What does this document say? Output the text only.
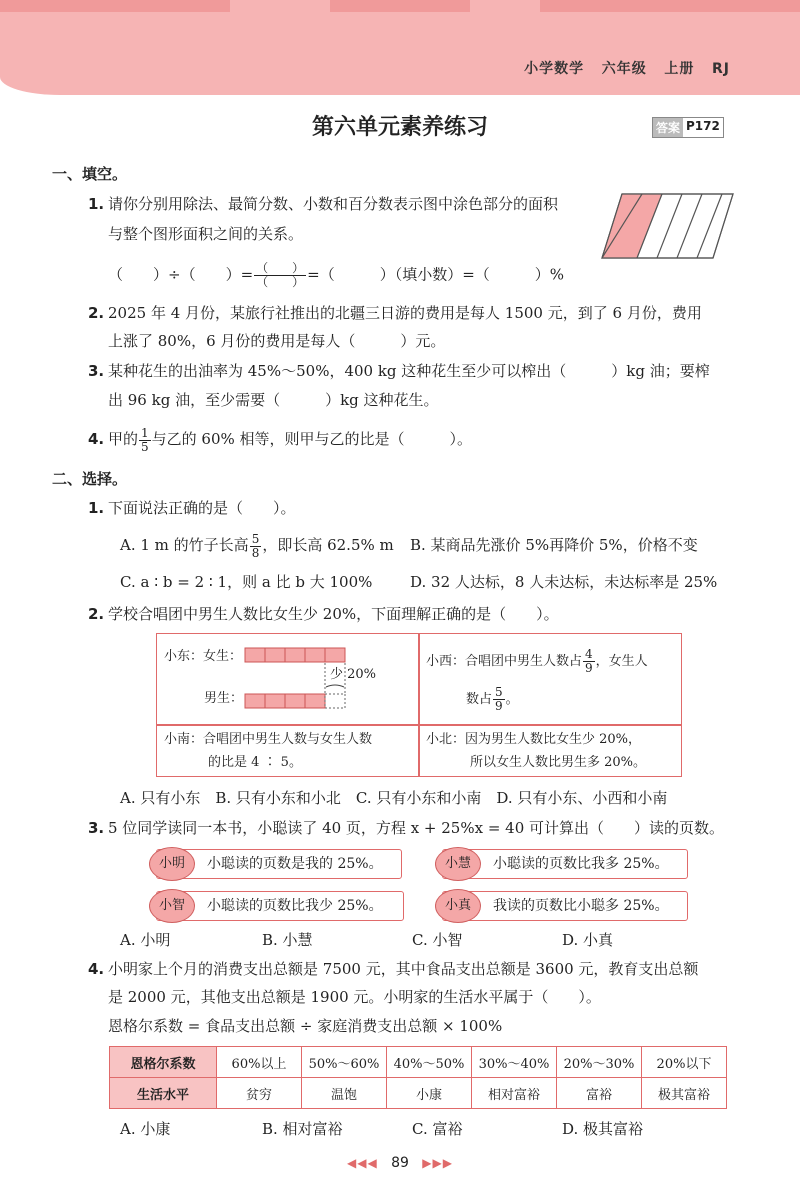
小学数学 六年级 上册 RJ
第六单元素养练习	答案 P172
一、填空。
1. 请你分别用除法、最简分数、小数和百分数表示图中涂色部分的面积
与整个图形面积之间的关系。
（　　）÷（　　）= $\frac{( )}{( )}$ =（　　　）（填小数）=（　　　）%
2. 2025 年 4 月份，某旅行社推出的北疆三日游的费用是每人 1500 元，到了 6 月份，费用
上涨了 80%，6 月份的费用是每人（　　　）元。
3. 某种花生的出油率为 45%～50%，400 kg 这种花生至少可以榨出（　　　）kg 油；要榨
出 96 kg 油，至少需要（　　　）kg 这种花生。
4. 甲的 $\frac{1}{5}$ 与乙的 60% 相等，则甲与乙的比是（　　　）。
二、选择。
1. 下面说法正确的是（　　）。
A. 1 m 的竹子长高 $\frac{5}{8}$ ，即长高 62.5% m B. 某商品先涨价 5%再降价 5%，价格不变
C. a ∶ b = 2 ∶ 1，则 a 比 b 大 100%	D. 32 人达标，8 人未达标，未达标率是 25%
2. 学校合唱团中男生人数比女生少 20%，下面理解正确的是（　　）。
小东：女生：
男生：
少 20%
小西：合唱团中男生人数占 $\frac{4}{9}$ ，女生人
数占 $\frac{5}{9}$ 。
小南：合唱团中男生人数与女生人数
的比是 4 ∶ 5。
小北：因为男生人数比女生少 20%，
所以女生人数比男生多 20%。
A. 只有小东　B. 只有小东和小北　C. 只有小东和小南　D. 只有小东、小西和小南
3. 5 位同学读同一本书，小聪读了 40 页，方程 x + 25%x = 40 可计算出（　　）读的页数。
小明	小聪读的页数是我的 25%。	小慧	小聪读的页数比我多 25%。
小智	小聪读的页数比我少 25%。	小真	我读的页数比小聪多 25%。
A. 小明	B. 小慧	C. 小智	D. 小真
4. 小明家上个月的消费支出总额是 7500 元，其中食品支出总额是 3600 元，教育支出总额
是 2000 元，其他支出总额是 1900 元。小明家的生活水平属于（　　）。
恩格尔系数 = 食品支出总额 ÷ 家庭消费支出总额 × 100%
恩格尔系数	60%以上	50%～60%	40%～50%	30%～40%	20%～30%	20%以下
生活水平	贫穷	温饱	小康	相对富裕	富裕	极其富裕
A. 小康	B. 相对富裕	C. 富裕	D. 极其富裕
◀◀◀ 89 ▶▶▶
